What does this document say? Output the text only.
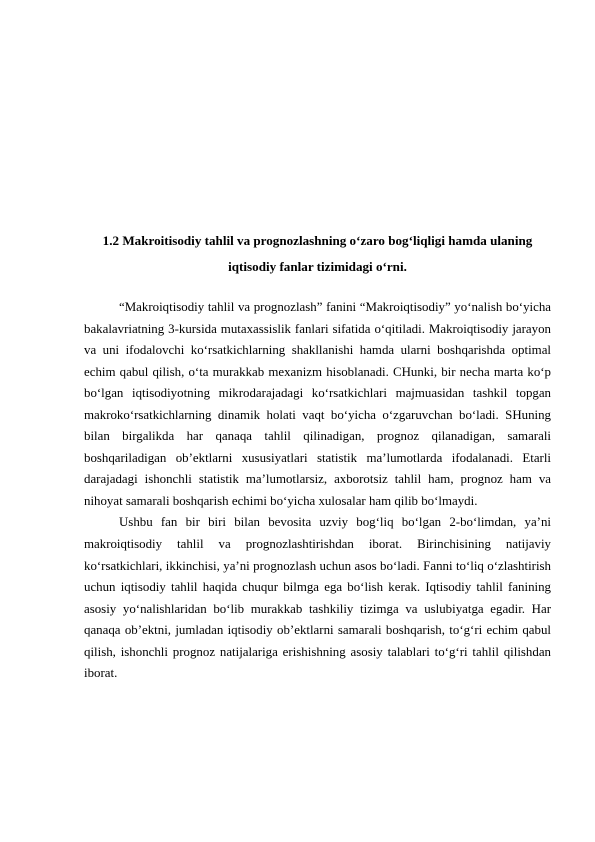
1.2 Makroitisodiy tahlil va prognozlashning o‘zaro bog‘liqligi hamda ulaning
iqtisodiy fanlar tizimidagi o‘rni.

“Makroiqtisodiy tahlil va prognozlash” fanini “Makroiqtisodiy” yo‘nalish bo‘yicha bakalavriatning 3-kursida mutaxassislik fanlari sifatida o‘qitiladi. Makroiqtisodiy jarayon va uni ifodalovchi ko‘rsatkichlarning shakllanishi hamda ularni boshqarishda optimal echim qabul qilish, o‘ta murakkab mexanizm hisoblanadi. CHunki, bir necha marta ko‘p bo‘lgan iqtisodiyotning mikrodarajadagi ko‘rsatkichlari majmuasidan tashkil topgan makroko‘rsatkichlarning dinamik holati vaqt bo‘yicha o‘zgaruvchan bo‘ladi. SHuning bilan birgalikda har qanaqa tahlil qilinadigan, prognoz qilanadigan, samarali boshqariladigan ob’ektlarni xususiyatlari statistik ma’lumotlarda ifodalanadi. Etarli darajadagi ishonchli statistik ma’lumotlarsiz, axborotsiz tahlil ham, prognoz ham va nihoyat samarali boshqarish echimi bo‘yicha xulosalar ham qilib bo‘lmaydi.

Ushbu fan bir biri bilan bevosita uzviy bog‘liq bo‘lgan 2-bo‘limdan, ya’ni makroiqtisodiy tahlil va prognozlashtirishdan iborat. Birinchisining natijaviy ko‘rsatkichlari, ikkinchisi, ya’ni prognozlash uchun asos bo‘ladi. Fanni to‘liq o‘zlashtirish uchun iqtisodiy tahlil haqida chuqur bilmga ega bo‘lish kerak. Iqtisodiy tahlil fanining asosiy yo‘nalishlaridan bo‘lib murakkab tashkiliy tizimga va uslubiyatga egadir. Har qanaqa ob’ektni, jumladan iqtisodiy ob’ektlarni samarali boshqarish, to‘g‘ri echim qabul qilish, ishonchli prognoz natijalariga erishishning asosiy talablari to‘g‘ri tahlil qilishdan iborat.
